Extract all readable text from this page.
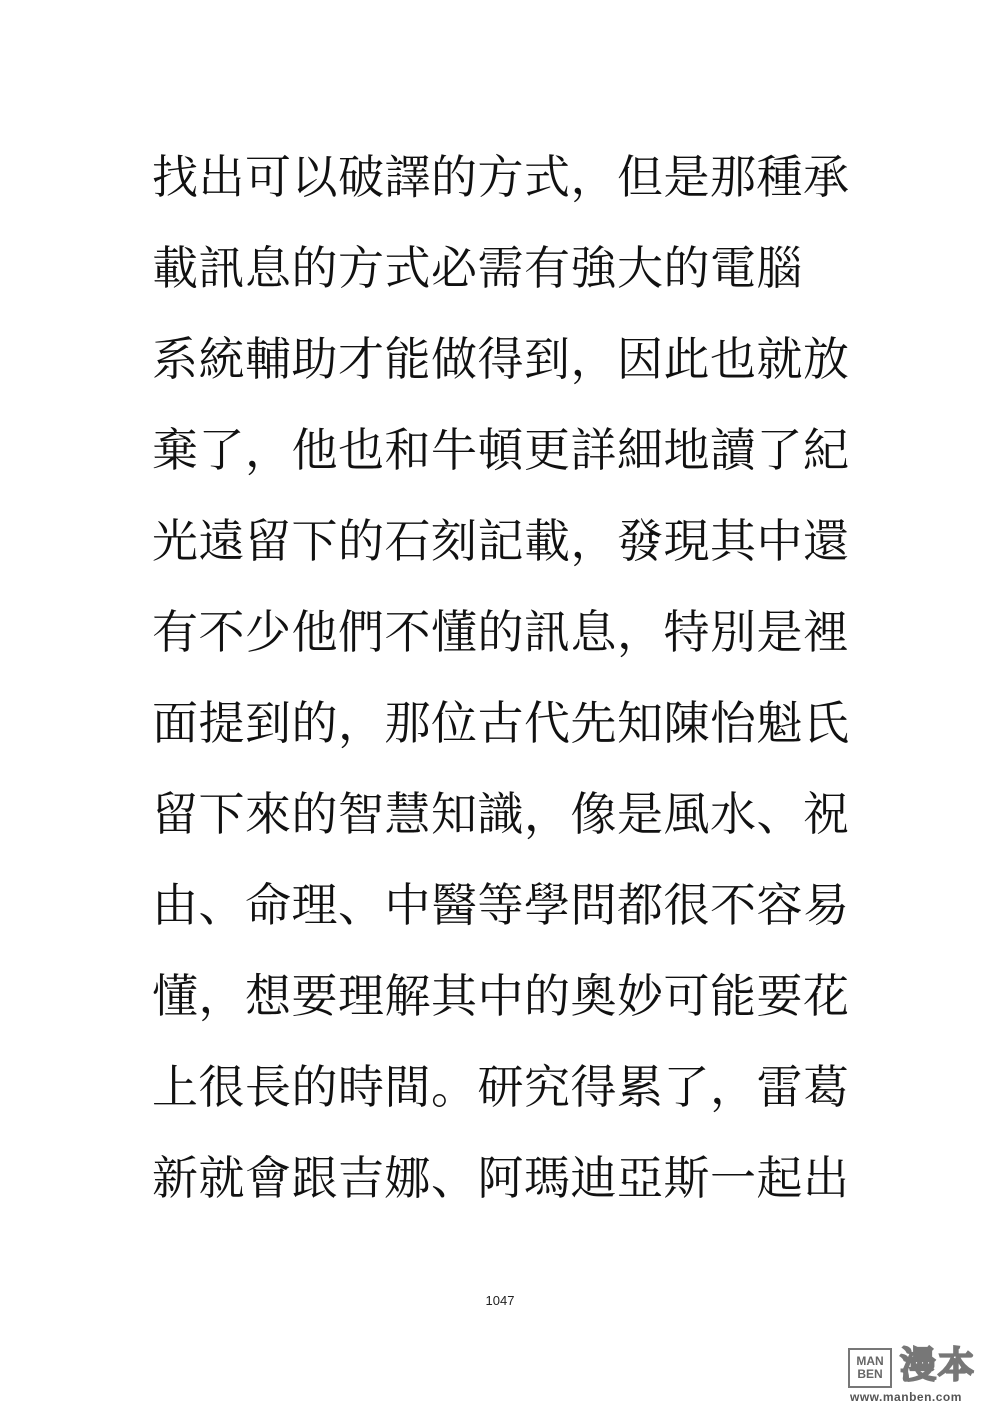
找出可以破譯的方式，但是那種承
載訊息的方式必需有強大的電腦
系統輔助才能做得到，因此也就放
棄了，他也和牛頓更詳細地讀了紀
光遠留下的石刻記載，發現其中還
有不少他們不懂的訊息，特別是裡
面提到的，那位古代先知陳怡魁氏
留下來的智慧知識，像是風水、祝
由、命理、中醫等學問都很不容易
懂，想要理解其中的奧妙可能要花
上很長的時間。研究得累了，雷葛
新就會跟吉娜、阿瑪迪亞斯一起出
1047
MAN
BEN 漫本
www.manben.com
